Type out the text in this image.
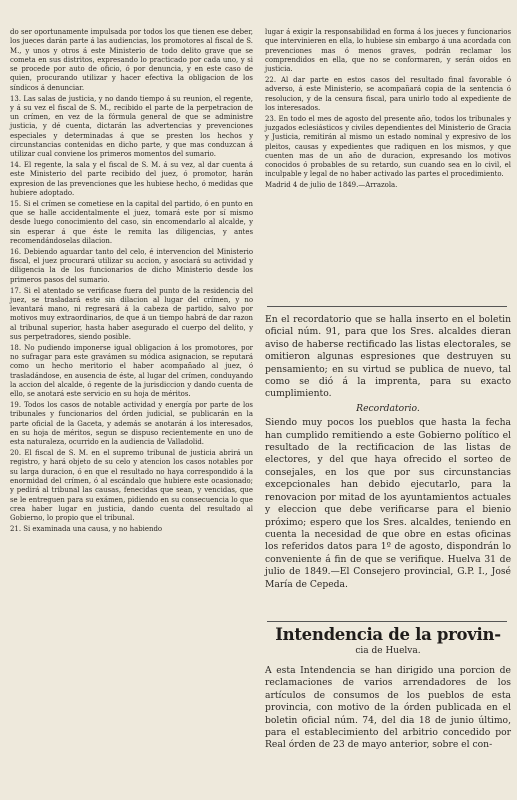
do ser oportunamente impulsada por todos los que tienen ese deber, los jueces darán parte á las audiencias, los promotores al fiscal de S. M., y unos y otros á este Ministerio de todo delito grave que se cometa en sus distritos, expresando lo practicado por cada uno, y si se procede por auto de oficio, ó por denuncia, y en este caso de quien, procurando utilizar y hacer efectiva la obligacion de los síndicos á denunciar.

13. Las salas de justicia, y no dando tiempo á su reunion, el regente, y á su vez el fiscal de S. M., recibido el parte de la perpetracion de un crímen, en vez de la fórmula general de que se administre justicia, y dé cuenta, dictarán las advertencias y prevenciones especiales y determinadas á que se presten los hechos y circunstancias contenidas en dicho parte, y que mas conduzcan á utilizar cual conviene los primeros momentos del sumario.

14. El regente, la sala y el fiscal de S. M. á su vez, al dar cuenta á este Ministerio del parte recibido del juez, ó promotor, harán expresion de las prevenciones que les hubiese hecho, ó medidas que hubiere adoptado.

15. Si el crímen se cometiese en la capital del partido, ó en punto en que se halle accidentalmente el juez, tomará este por sí mismo desde luego conocimiento del caso, sin encomendarlo al alcalde, y sin esperar á que éste le remita las diligencias, y antes recomendándoselas dilacion.

16. Debiendo aguardar tanto del celo, é intervencion del Ministerio fiscal, el juez procurará utilizar su accion, y asociará su actividad y diligencia la de los funcionarios de dicho Ministerio desde los primeros pasos del sumario.

17. Si el atentado se verificase fuera del punto de la residencia del juez, se trasladará este sin dilacion al lugar del crímen, y no levantará mano, ni regresará á la cabeza de partido, salvo por motivos muy extraordinarios, de que á un tiempo habrá de dar razon al tribunal superior, hasta haber asegurado el cuerpo del delito, y sus perpetradores, siendo posible.

18. No pudiendo imponerse igual obligacion á los promotores, por no sufragar para este gravámen su módica asignacion, se reputará como un hecho meritorio el haber acompañado al juez, ó trasladándose, en ausencia de éste, al lugar del crímen, conduyando la accion del alcalde, ó regente de la jurisdiccion y dando cuenta de ello, se anotará este servicio en su hoja de méritos.

19. Todos los casos de notable actividad y energía por parte de los tribunales y funcionarios del órden judicial, se publicarán en la parte oficial de la Gaceta, y además se anotarán á los interesados, en su hoja de méritos, segun se dispuso recientemente en uno de esta naturaleza, ocurrido en la audiencia de Valladolid.

20. El fiscal de S. M. en el supremo tribunal de justicia abrirá un registro, y hará objeto de su celo y atencion los casos notables por su larga duracion, ó en que el resultado no haya correspondido á la enormidad del crímen, ó al escándalo que hubiere este ocasionado; y pedirá al tribunal las causas, fenecidas que sean, y vencidas, que se le entreguen para su exámen, pidiendo en su consecuencia lo que crea haber lugar en justicia, dando cuenta del resultado al Gobierno, lo propio que el tribunal.

21. Si examinada una causa, y no habiendo

lugar á exigir la responsabilidad en forma á los jueces y funcionarios que intervinieren en ella, lo hubiese sin embargo á una acordada con prevenciones mas ó menos graves, podrán reclamar los comprendidos en ella, que no se conformaren, y serán oidos en justicia.

22. Al dar parte en estos casos del resultado final favorable ó adverso, á este Ministerio, se acompañará copia de la sentencia ó resolucion, y de la censura fiscal, para unirlo todo al expediente de los interesados.

23. En todo el mes de agosto del presente año, todos los tribunales y juzgados eclesiásticos y civiles dependientes del Ministerio de Gracia y Justicia, remitirán al mismo un estado nominal y expresivo de los pleitos, causas y expedientes que radiquen en los mismos, y que cuenten mas de un año de duracion, expresando los motivos conocidos ó probables de su retardo, sun cuando sea en lo civil, el inculpable y legal de no haber activado las partes el procedimiento.

Madrid 4 de julio de 1849.—Arrazola.

En el recordatorio que se halla inserto en el boletin oficial núm. 91, para que los Sres. alcaldes dieran aviso de haberse rectificado las listas electorales, se omitieron algunas espresiones que destruyen su pensamiento; en su virtud se publica de nuevo, tal como se dió á la imprenta, para su exacto cumplimiento.

Recordatorio.

Siendo muy pocos los pueblos que hasta la fecha han cumplido remitiendo a este Gobierno político el resultado de la rectificacion de las listas de electores, y del que haya ofrecido el sorteo de consejales, en los que por sus circunstancias excepcionales han debido ejecutarlo, para la renovacion por mitad de los ayuntamientos actuales y eleccion que debe verificarse para el bienio próximo; espero que los Sres. alcaldes, teniendo en cuenta la necesidad de que obre en estas oficinas los referidos datos para 1º de agosto, dispondrán lo conveniente á fin de que se verifique. Huelva 31 de julio de 1849.—El Consejero provincial, G.P. I., José María de Cepeda.

Intendencia de la provin-
cia de Huelva.

A esta Intendencia se han dirigido una porcion de reclamaciones de varios arrendadores de los artículos de consumos de los pueblos de esta provincia, con motivo de la órden publicada en el boletin oficial núm. 74, del dia 18 de junio último, para el establecimiento del arbitrio concedido por Real órden de 23 de mayo anterior, sobre el con-
